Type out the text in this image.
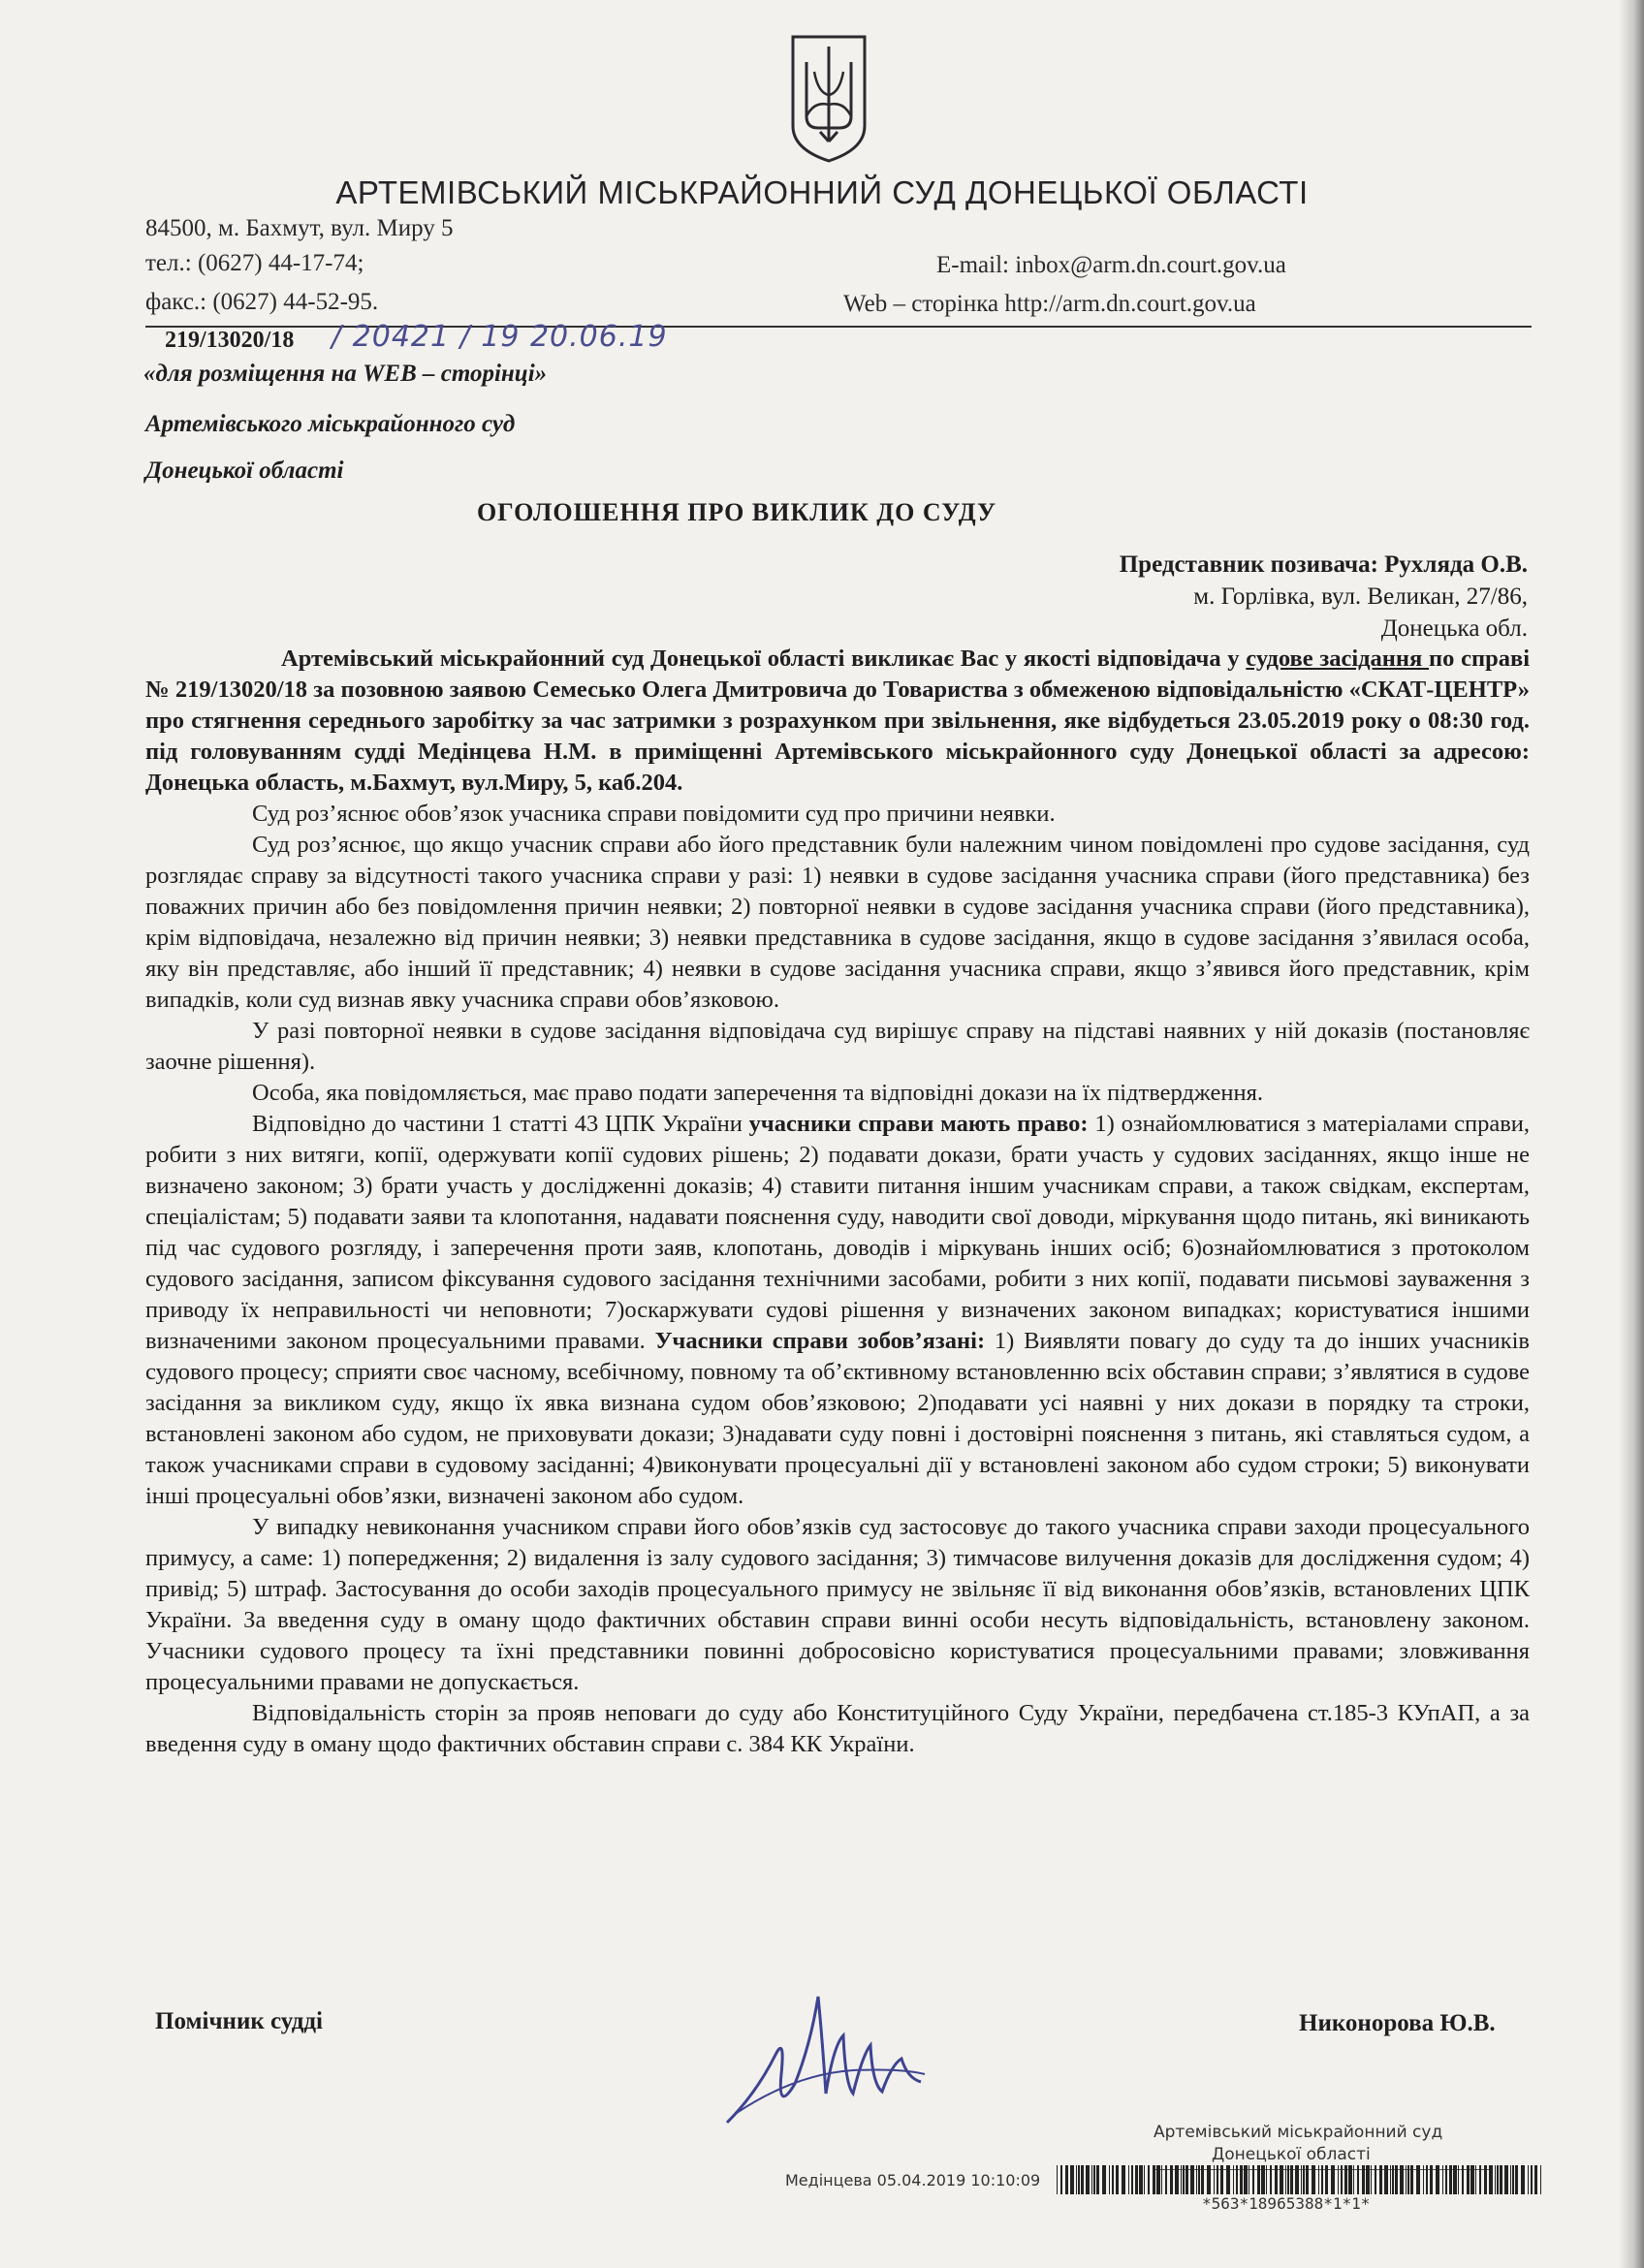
АРТЕМІВСЬКИЙ МІСЬКРАЙОННИЙ СУД ДОНЕЦЬКОЇ ОБЛАСТІ
84500, м. Бахмут, вул. Миру 5
тел.: (0627) 44-17-74;
факс.: (0627) 44-52-95.
E-mail: inbox@arm.dn.court.gov.ua
Web – сторінка http://arm.dn.court.gov.ua
219/13020/18 / 20421 / 19 20.06.19
«для розміщення на WEB – сторінці»
Артемівського міськрайонного суд
Донецької області
ОГОЛОШЕННЯ ПРО ВИКЛИК ДО СУДУ
Представник позивача: Рухляда О.В.
м. Горлівка, вул. Великан, 27/86,
Донецька обл.

Артемівський міськрайонний суд Донецької області викликає Вас у якості відповідача у судове засідання по справі № 219/13020/18 за позовною заявою Семесько Олега Дмитровича до Товариства з обмеженою відповідальністю «СКАТ-ЦЕНТР» про стягнення середнього заробітку за час затримки з розрахунком при звільнення, яке відбудеться 23.05.2019 року о 08:30 год. під головуванням судді Медінцева Н.М. в приміщенні Артемівського міськрайонного суду Донецької області за адресою: Донецька область, м.Бахмут, вул.Миру, 5, каб.204.

Суд роз’яснює обов’язок учасника справи повідомити суд про причини неявки.

Суд роз’яснює, що якщо учасник справи або його представник були належним чином повідомлені про судове засідання, суд розглядає справу за відсутності такого учасника справи у разі: 1) неявки в судове засідання учасника справи (його представника) без поважних причин або без повідомлення причин неявки; 2) повторної неявки в судове засідання учасника справи (його представника), крім відповідача, незалежно від причин неявки; 3) неявки представника в судове засідання, якщо в судове засідання з’явилася особа, яку він представляє, або інший її представник; 4) неявки в судове засідання учасника справи, якщо з’явився його представник, крім випадків, коли суд визнав явку учасника справи обов’язковою.

У разі повторної неявки в судове засідання відповідача суд вирішує справу на підставі наявних у ній доказів (постановляє заочне рішення).

Особа, яка повідомляється, має право подати заперечення та відповідні докази на їх підтвердження.

Відповідно до частини 1 статті 43 ЦПК України учасники справи мають право: 1) ознайомлюватися з матеріалами справи, робити з них витяги, копії, одержувати копії судових рішень; 2) подавати докази, брати участь у судових засіданнях, якщо інше не визначено законом; 3) брати участь у дослідженні доказів; 4) ставити питання іншим учасникам справи, а також свідкам, експертам, спеціалістам; 5) подавати заяви та клопотання, надавати пояснення суду, наводити свої доводи, міркування щодо питань, які виникають під час судового розгляду, і заперечення проти заяв, клопотань, доводів і міркувань інших осіб; 6)ознайомлюватися з протоколом судового засідання, записом фіксування судового засідання технічними засобами, робити з них копії, подавати письмові зауваження з приводу їх неправильності чи неповноти; 7)оскаржувати судові рішення у визначених законом випадках; користуватися іншими визначеними законом процесуальними правами. Учасники справи зобов’язані: 1) Виявляти повагу до суду та до інших учасників судового процесу; сприяти своє часному, всебічному, повному та об’єктивному встановленню всіх обставин справи; з’являтися в судове засідання за викликом суду, якщо їх явка визнана судом обов’язковою; 2)подавати усі наявні у них докази в порядку та строки, встановлені законом або судом, не приховувати докази; 3)надавати суду повні і достовірні пояснення з питань, які ставляться судом, а також учасниками справи в судовому засіданні; 4)виконувати процесуальні дії у встановлені законом або судом строки; 5) виконувати інші процесуальні обов’язки, визначені законом або судом.

У випадку невиконання учасником справи його обов’язків суд застосовує до такого учасника справи заходи процесуального примусу, а саме: 1) попередження; 2) видалення із залу судового засідання; 3) тимчасове вилучення доказів для дослідження судом; 4) привід; 5) штраф. Застосування до особи заходів процесуального примусу не звільняє її від виконання обов’язків, встановлених ЦПК України. За введення суду в оману щодо фактичних обставин справи винні особи несуть відповідальність, встановлену законом. Учасники судового процесу та їхні представники повинні добросовісно користуватися процесуальними правами; зловживання процесуальними правами не допускається.

Відповідальність сторін за прояв неповаги до суду або Конституційного Суду України, передбачена ст.185-3 КУпАП, а за введення суду в оману щодо фактичних обставин справи с. 384 КК України.

Помічник судді	Никонорова Ю.В.
Артемівський міськрайонний суд
Донецької області
Медінцева 05.04.2019 10:10:09
*563*18965388*1*1*
